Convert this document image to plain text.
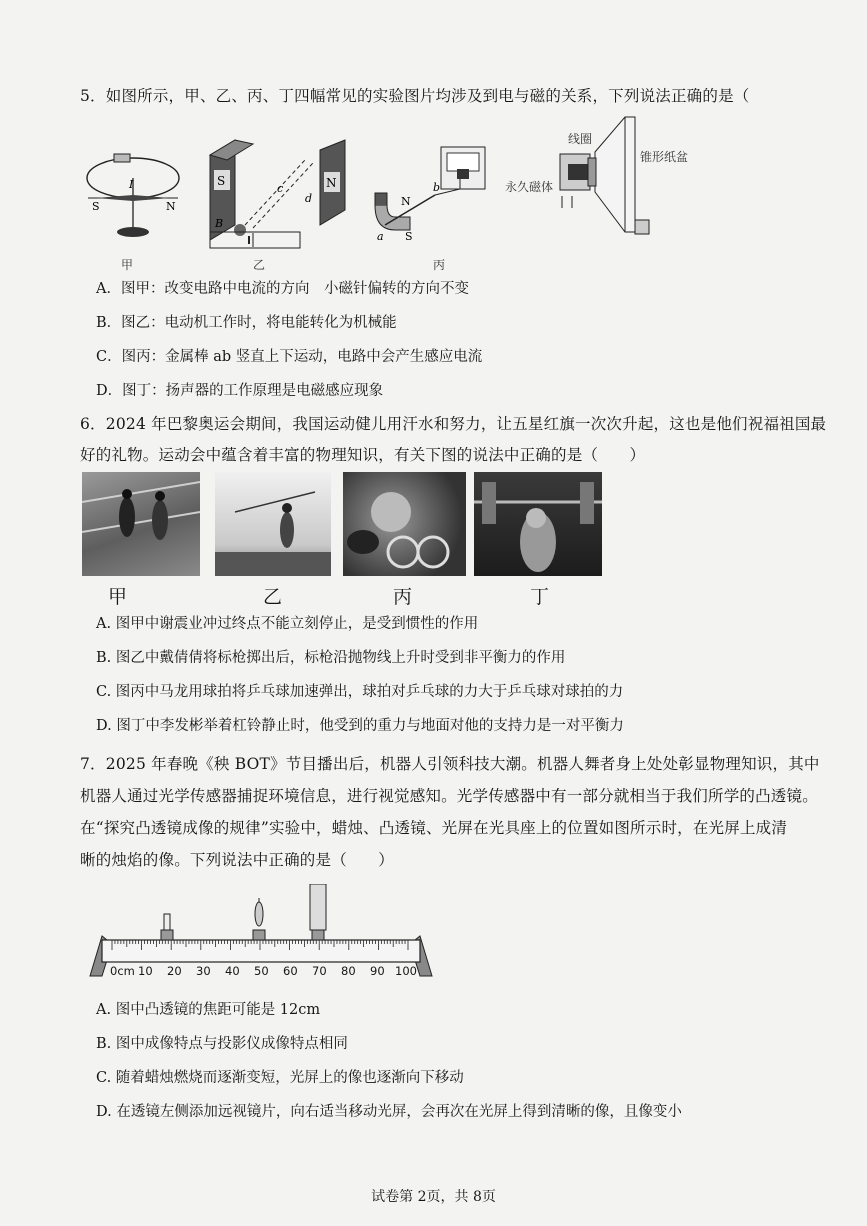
5．如图所示，甲、乙、丙、丁四幅常见的实验图片均涉及到电与磁的关系，下列说法正确的是（
I
S	N
S	N
B
c
d	N
S
a
b
线圈
锥形纸盆
永久磁体
甲	乙	丙
A．图甲：改变电路中电流的方向　小磁针偏转的方向不变
B．图乙：电动机工作时，将电能转化为机械能
C．图丙：金属棒 ab 竖直上下运动，电路中会产生感应电流
D．图丁：扬声器的工作原理是电磁感应现象
6．2024 年巴黎奥运会期间，我国运动健儿用汗水和努力，让五星红旗一次次升起，这也是他们祝福祖国最
好的礼物。运动会中蕴含着丰富的物理知识，有关下图的说法中正确的是（　　）
甲	乙	丙	丁
A. 图甲中谢震业冲过终点不能立刻停止，是受到惯性的作用
B. 图乙中戴倩倩将标枪掷出后，标枪沿抛物线上升时受到非平衡力的作用
C. 图丙中马龙用球拍将乒乓球加速弹出，球拍对乒乓球的力大于乒乓球对球拍的力
D. 图丁中李发彬举着杠铃静止时，他受到的重力与地面对他的支持力是一对平衡力
7．2025 年春晚《秧 BOT》节目播出后，机器人引领科技大潮。机器人舞者身上处处彰显物理知识，其中
机器人通过光学传感器捕捉环境信息，进行视觉感知。光学传感器中有一部分就相当于我们所学的凸透镜。
在“探究凸透镜成像的规律”实验中，蜡烛、凸透镜、光屏在光具座上的位置如图所示时，在光屏上成清
晰的烛焰的像。下列说法中正确的是（　　）
0cm 10 20 30 40 50 60 70 80 90 100
A. 图中凸透镜的焦距可能是 12cm
B. 图中成像特点与投影仪成像特点相同
C. 随着蜡烛燃烧而逐渐变短，光屏上的像也逐渐向下移动
D. 在透镜左侧添加远视镜片，向右适当移动光屏，会再次在光屏上得到清晰的像，且像变小
试卷第 2页，共 8页
